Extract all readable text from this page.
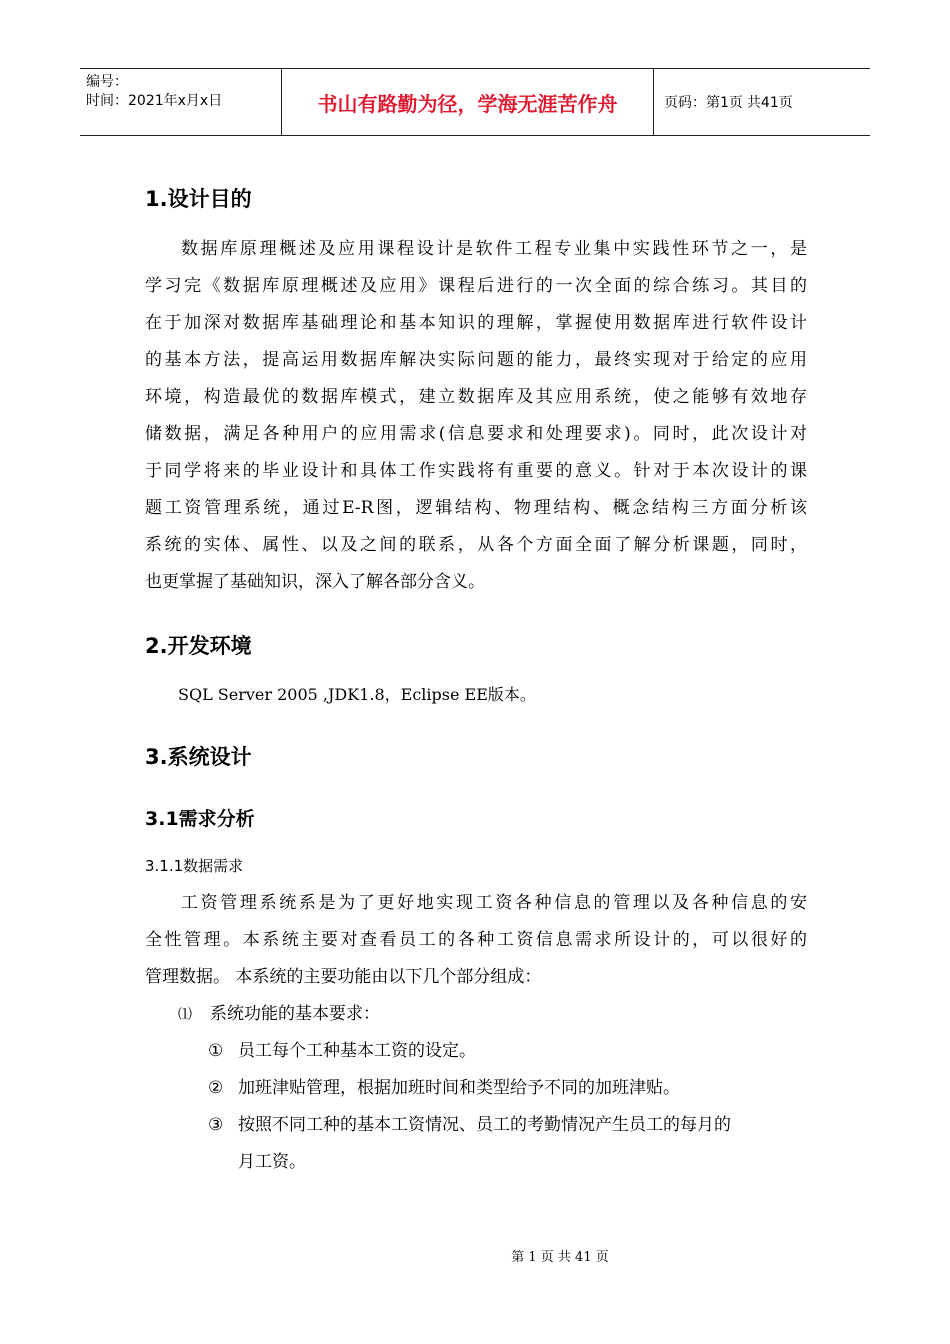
编号：
时间：2021年x月x日	书山有路勤为径，学海无涯苦作舟	页码：第1页 共41页
1.设计目的
数据库原理概述及应用课程设计是软件工程专业集中实践性环节之一，是
学习完《数据库原理概述及应用》课程后进行的一次全面的综合练习。其目的
在于加深对数据库基础理论和基本知识的理解，掌握使用数据库进行软件设计
的基本方法，提高运用数据库解决实际问题的能力，最终实现对于给定的应用
环境，构造最优的数据库模式，建立数据库及其应用系统，使之能够有效地存
储数据，满足各种用户的应用需求(信息要求和处理要求)。同时，此次设计对
于同学将来的毕业设计和具体工作实践将有重要的意义。针对于本次设计的课
题工资管理系统，通过E-R图，逻辑结构、物理结构、概念结构三方面分析该
系统的实体、属性、以及之间的联系，从各个方面全面了解分析课题，同时，
也更掌握了基础知识，深入了解各部分含义。
2.开发环境
SQL Server 2005 ,JDK1.8，Eclipse EE版本。
3.系统设计
3.1需求分析
3.1.1数据需求
工资管理系统系是为了更好地实现工资各种信息的管理以及各种信息的安
全性管理。本系统主要对查看员工的各种工资信息需求所设计的，可以很好的
管理数据。 本系统的主要功能由以下几个部分组成：
⑴ 系统功能的基本要求：
① 员工每个工种基本工资的设定。
② 加班津贴管理，根据加班时间和类型给予不同的加班津贴。
③ 按照不同工种的基本工资情况、员工的考勤情况产生员工的每月的
月工资。
第 1 页 共 41 页
